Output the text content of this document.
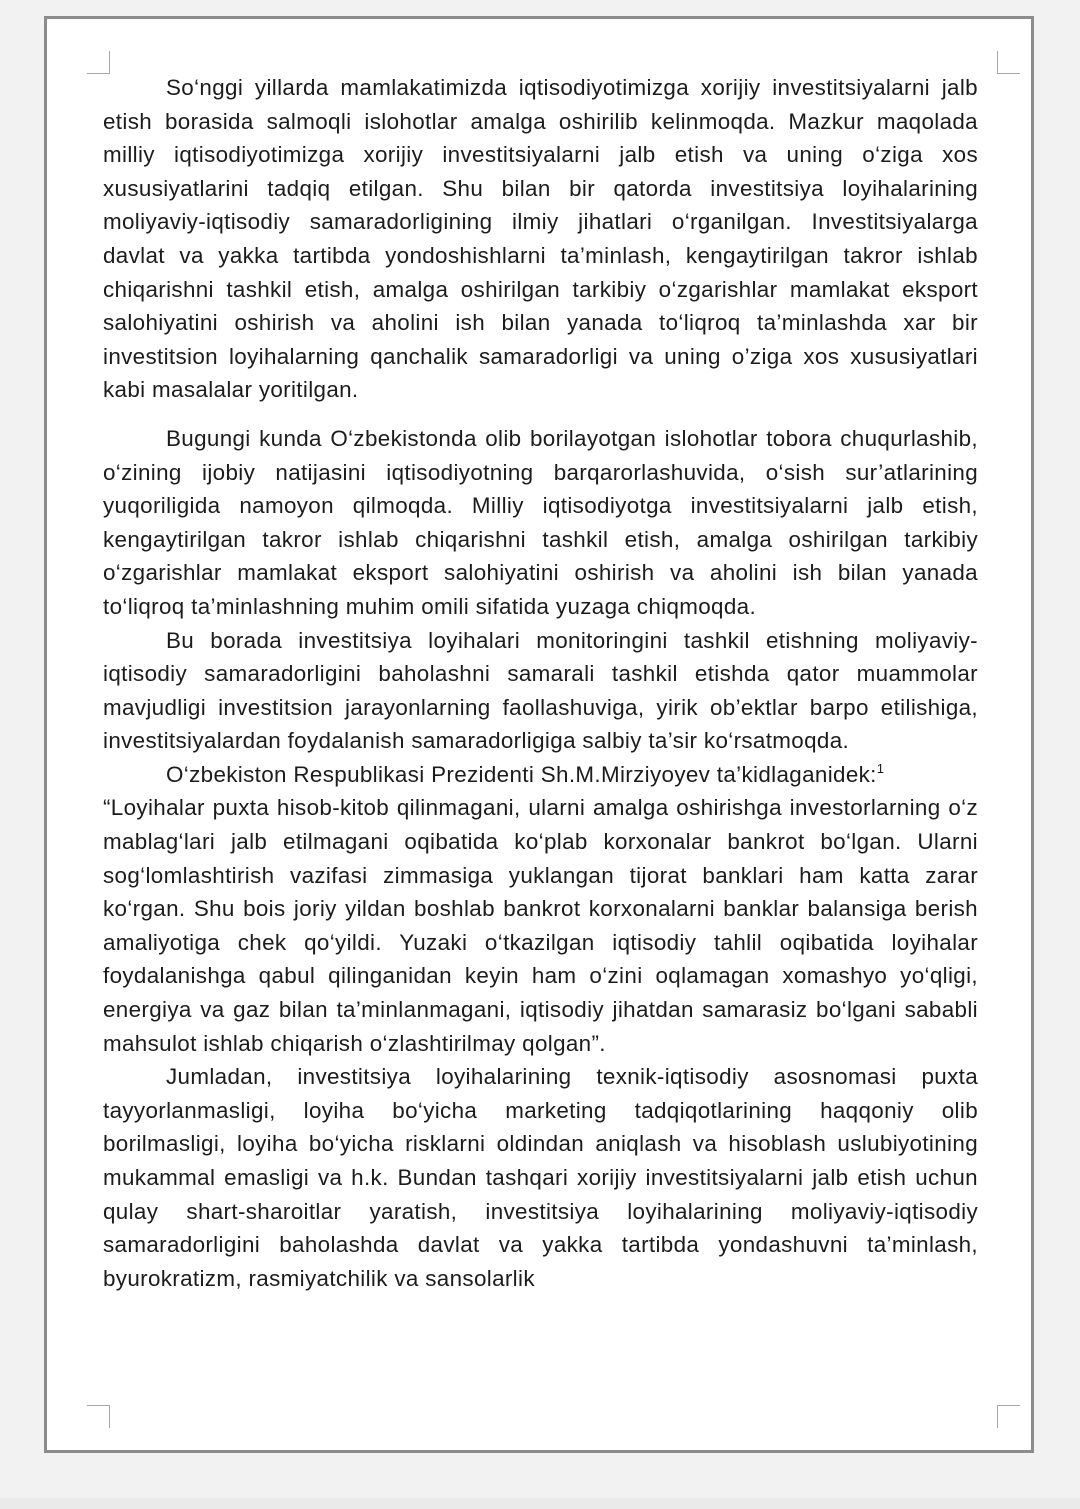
So‘nggi yillarda mamlakatimizda iqtisodiyotimizga xorijiy investitsiyalarni jalb etish borasida salmoqli islohotlar amalga oshirilib kelinmoqda. Mazkur maqolada milliy iqtisodiyotimizga xorijiy investitsiyalarni jalb etish va uning o‘ziga xos xususiyatlarini tadqiq etilgan. Shu bilan bir qatorda investitsiya loyihalarining moliyaviy-iqtisodiy samaradorligining ilmiy jihatlari o‘rganilgan. Investitsiyalarga davlat va yakka tartibda yondoshishlarni ta’minlash, kengaytirilgan takror ishlab chiqarishni tashkil etish, amalga oshirilgan tarkibiy o‘zgarishlar mamlakat eksport salohiyatini oshirish va aholini ish bilan yanada to‘liqroq ta’minlashda xar bir investitsion loyihalarning qanchalik samaradorligi va uning o’ziga xos xususiyatlari kabi masalalar yoritilgan.

Bugungi kunda O‘zbekistonda olib borilayotgan islohotlar tobora chuqurlashib, o‘zining ijobiy natijasini iqtisodiyotning barqarorlashuvida, o‘sish sur’atlarining yuqoriligida namoyon qilmoqda. Milliy iqtisodiyotga investitsiyalarni jalb etish, kengaytirilgan takror ishlab chiqarishni tashkil etish, amalga oshirilgan tarkibiy o‘zgarishlar mamlakat eksport salohiyatini oshirish va aholini ish bilan yanada to‘liqroq ta’minlashning muhim omili sifatida yuzaga chiqmoqda.

Bu borada investitsiya loyihalari monitoringini tashkil etishning moliyaviy- iqtisodiy samaradorligini baholashni samarali tashkil etishda qator muammolar mavjudligi investitsion jarayonlarning faollashuviga, yirik ob’ektlar barpo etilishiga, investitsiyalardan foydalanish samaradorligiga salbiy ta’sir ko‘rsatmoqda.

O‘zbekiston Respublikasi Prezidenti Sh.M.Mirziyoyev ta’kidlaganidek:$^1$

“Loyihalar puxta hisob-kitob qilinmagani, ularni amalga oshirishga investorlarning o‘z mablag‘lari jalb etilmagani oqibatida ko‘plab korxonalar bankrot bo‘lgan. Ularni sog‘lomlashtirish vazifasi zimmasiga yuklangan tijorat banklari ham katta zarar ko‘rgan. Shu bois joriy yildan boshlab bankrot korxonalarni banklar balansiga berish amaliyotiga chek qo‘yildi. Yuzaki o‘tkazilgan iqtisodiy tahlil oqibatida loyihalar foydalanishga qabul qilinganidan keyin ham o‘zini oqlamagan xomashyo yo‘qligi, energiya va gaz bilan ta’minlanmagani, iqtisodiy jihatdan samarasiz bo‘lgani sababli mahsulot ishlab chiqarish o‘zlashtirilmay qolgan”.

Jumladan, investitsiya loyihalarining texnik-iqtisodiy asosnomasi puxta tayyorlanmasligi, loyiha bo‘yicha marketing tadqiqotlarining haqqoniy olib borilmasligi, loyiha bo‘yicha risklarni oldindan aniqlash va hisoblash uslubiyotining mukammal emasligi va h.k. Bundan tashqari xorijiy investitsiyalarni jalb etish uchun qulay shart-sharoitlar yaratish, investitsiya loyihalarining moliyaviy-iqtisodiy samaradorligini baholashda davlat va yakka tartibda yondashuvni ta’minlash, byurokratizm, rasmiyatchilik va sansolarlik
